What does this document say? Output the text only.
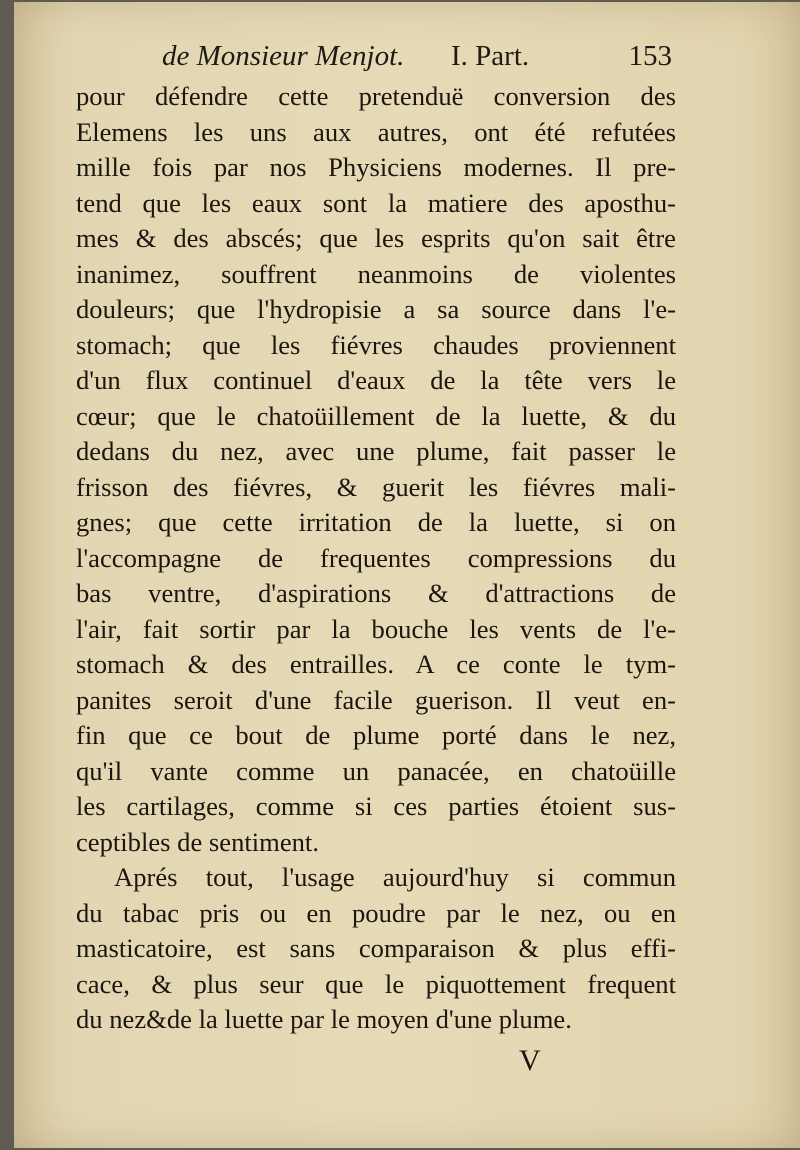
de Monsieur Menjot. I. Part.	153
pour défendre cette pretenduë conversion des
Elemens les uns aux autres, ont été refutées
mille fois par nos Physiciens modernes. Il pre-
tend que les eaux sont la matiere des aposthu-
mes & des abscés; que les esprits qu'on sait être
inanimez, souffrent neanmoins de violentes
douleurs; que l'hydropisie a sa source dans l'e-
stomach; que les fiévres chaudes proviennent
d'un flux continuel d'eaux de la tête vers le
cœur; que le chatoüillement de la luette, & du
dedans du nez, avec une plume, fait passer le
frisson des fiévres, & guerit les fiévres mali-
gnes; que cette irritation de la luette, si on
l'accompagne de frequentes compressions du
bas ventre, d'aspirations & d'attractions de
l'air, fait sortir par la bouche les vents de l'e-
stomach & des entrailles. A ce conte le tym-
panites seroit d'une facile guerison. Il veut en-
fin que ce bout de plume porté dans le nez,
qu'il vante comme un panacée, en chatoüille
les cartilages, comme si ces parties étoient sus-
ceptibles de sentiment.
Aprés tout, l'usage aujourd'huy si commun
du tabac pris ou en poudre par le nez, ou en
masticatoire, est sans comparaison & plus effi-
cace, & plus seur que le piquottement frequent
du nez&de la luette par le moyen d'une plume.
V
